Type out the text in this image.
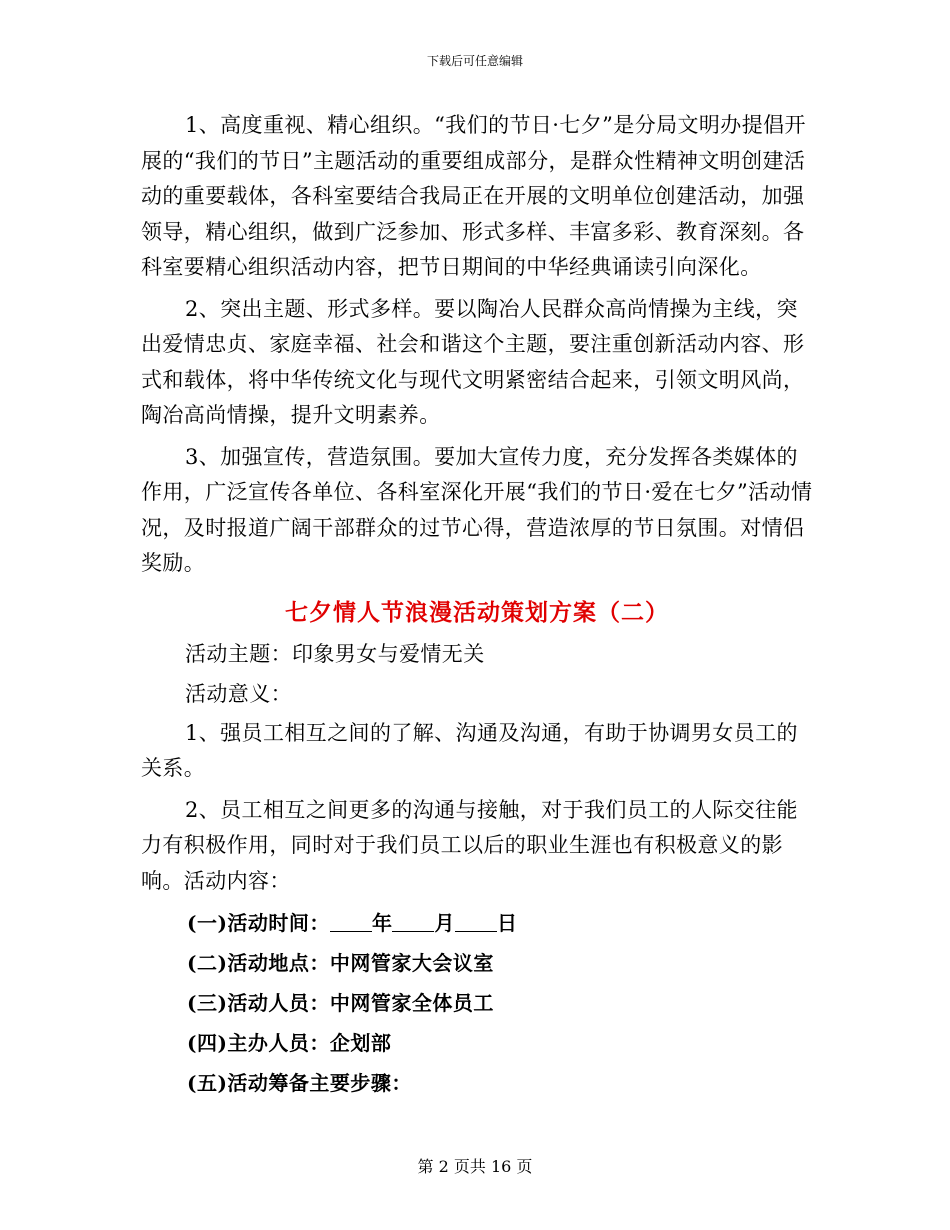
下载后可任意编辑

1、高度重视、精心组织。“我们的节日·七夕”是分局文明办提倡开展的“我们的节日”主题活动的重要组成部分，是群众性精神文明创建活动的重要载体，各科室要结合我局正在开展的文明单位创建活动，加强领导，精心组织，做到广泛参加、形式多样、丰富多彩、教育深刻。各科室要精心组织活动内容，把节日期间的中华经典诵读引向深化。

2、突出主题、形式多样。要以陶冶人民群众高尚情操为主线，突出爱情忠贞、家庭幸福、社会和谐这个主题，要注重创新活动内容、形式和载体，将中华传统文化与现代文明紧密结合起来，引领文明风尚，陶冶高尚情操，提升文明素养。

3、加强宣传，营造氛围。要加大宣传力度，充分发挥各类媒体的作用，广泛宣传各单位、各科室深化开展“我们的节日·爱在七夕”活动情况，及时报道广阔干部群众的过节心得，营造浓厚的节日氛围。对情侣奖励。

七夕情人节浪漫活动策划方案（二）

活动主题：印象男女与爱情无关

活动意义：

1、强员工相互之间的了解、沟通及沟通，有助于协调男女员工的关系。

2、员工相互之间更多的沟通与接触，对于我们员工的人际交往能力有积极作用，同时对于我们员工以后的职业生涯也有积极意义的影响。活动内容：

(一)活动时间： 年 月 日
(二)活动地点：中网管家大会议室
(三)活动人员：中网管家全体员工
(四)主办人员：企划部
(五)活动筹备主要步骤：
第 2 页共 16 页
